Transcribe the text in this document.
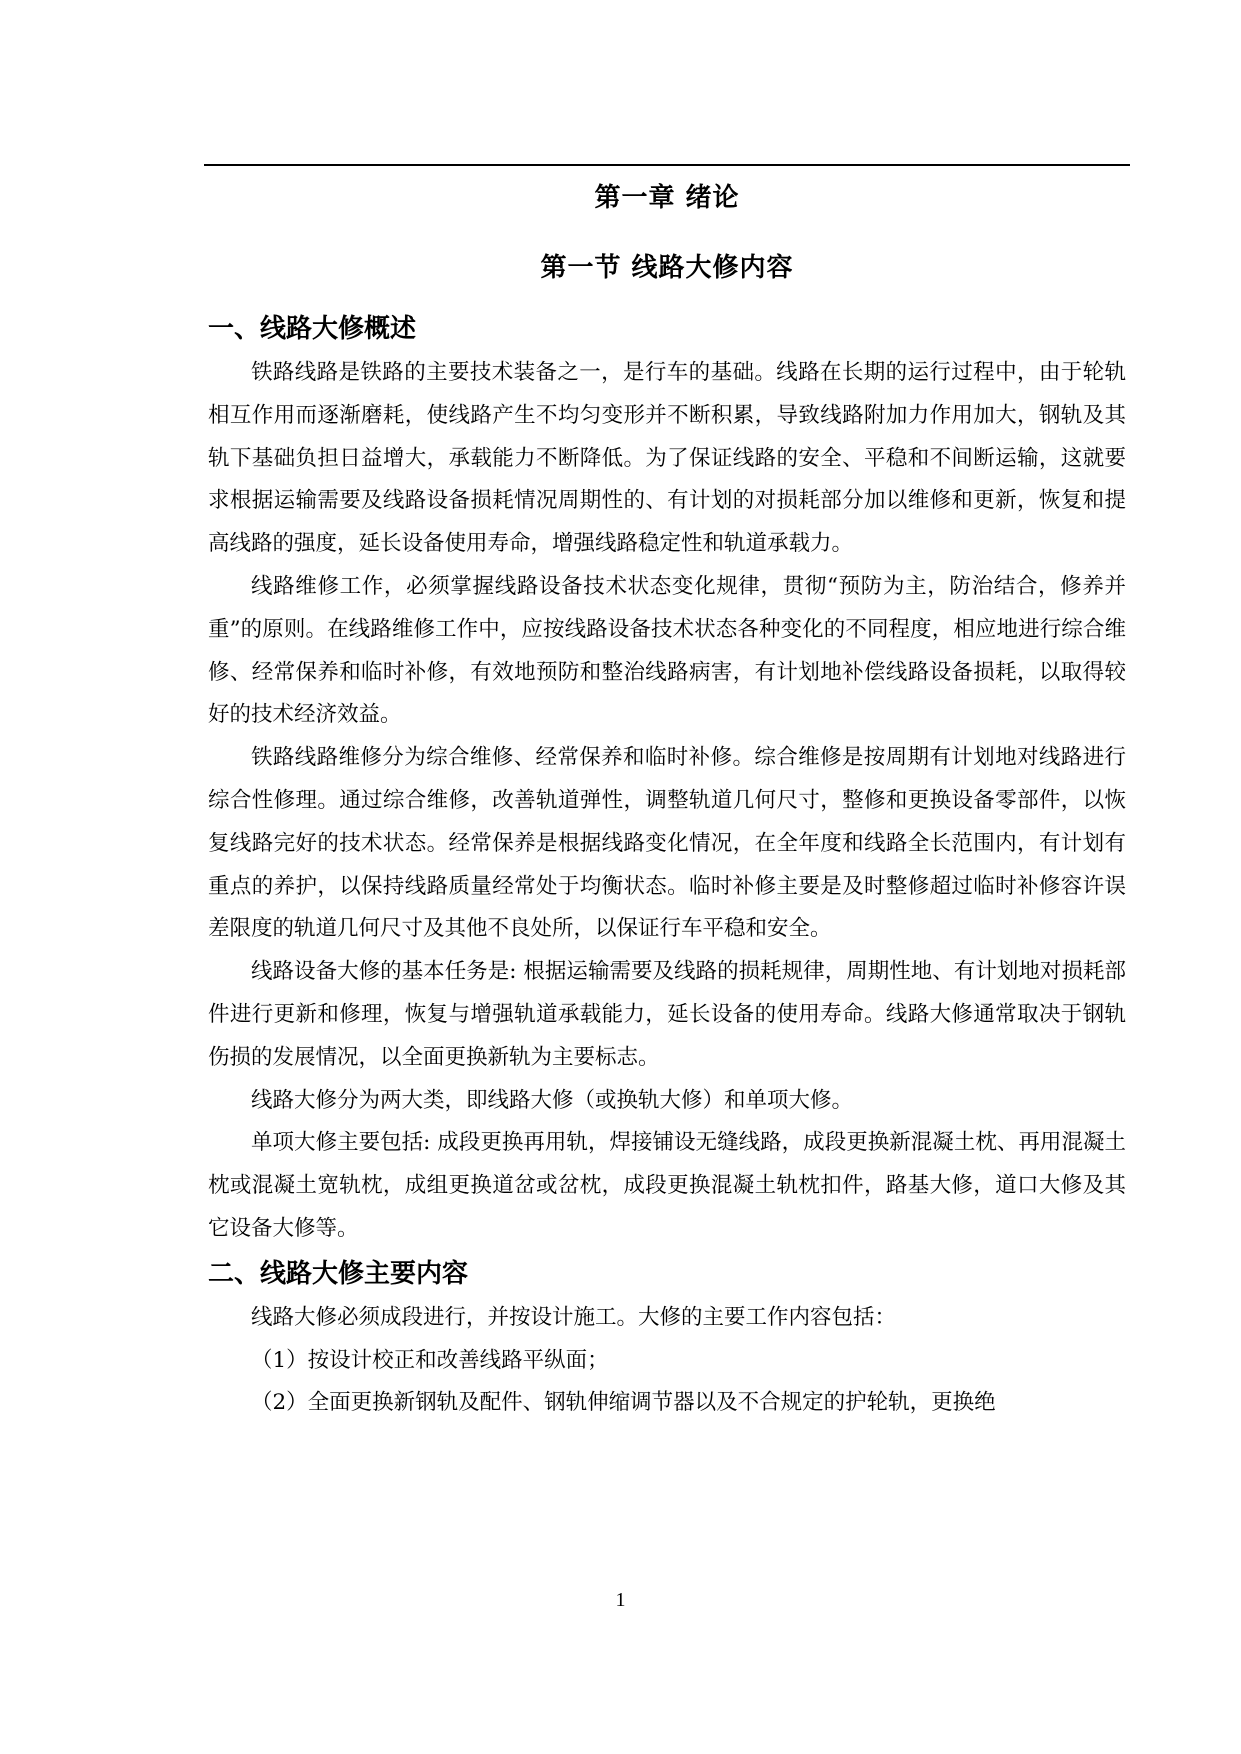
第一章 绪论
第一节 线路大修内容
一、线路大修概述

铁路线路是铁路的主要技术装备之一，是行车的基础。线路在长期的运行过程中，由于轮轨相互作用而逐渐磨耗，使线路产生不均匀变形并不断积累，导致线路附加力作用加大，钢轨及其轨下基础负担日益增大，承载能力不断降低。为了保证线路的安全、平稳和不间断运输，这就要求根据运输需要及线路设备损耗情况周期性的、有计划的对损耗部分加以维修和更新，恢复和提高线路的强度，延长设备使用寿命，增强线路稳定性和轨道承载力。

线路维修工作，必须掌握线路设备技术状态变化规律，贯彻“预防为主，防治结合，修养并重”的原则。在线路维修工作中，应按线路设备技术状态各种变化的不同程度，相应地进行综合维修、经常保养和临时补修，有效地预防和整治线路病害，有计划地补偿线路设备损耗，以取得较好的技术经济效益。

铁路线路维修分为综合维修、经常保养和临时补修。综合维修是按周期有计划地对线路进行综合性修理。通过综合维修，改善轨道弹性，调整轨道几何尺寸，整修和更换设备零部件，以恢复线路完好的技术状态。经常保养是根据线路变化情况，在全年度和线路全长范围内，有计划有重点的养护，以保持线路质量经常处于均衡状态。临时补修主要是及时整修超过临时补修容许误差限度的轨道几何尺寸及其他不良处所，以保证行车平稳和安全。

线路设备大修的基本任务是: 根据运输需要及线路的损耗规律，周期性地、有计划地对损耗部件进行更新和修理，恢复与增强轨道承载能力，延长设备的使用寿命。线路大修通常取决于钢轨伤损的发展情况，以全面更换新轨为主要标志。

线路大修分为两大类，即线路大修（或换轨大修）和单项大修。

单项大修主要包括: 成段更换再用轨，焊接铺设无缝线路，成段更换新混凝土枕、再用混凝土枕或混凝土宽轨枕，成组更换道岔或岔枕，成段更换混凝土轨枕扣件，路基大修，道口大修及其它设备大修等。

二、线路大修主要内容

线路大修必须成段进行，并按设计施工。大修的主要工作内容包括：

（1）按设计校正和改善线路平纵面；

（2）全面更换新钢轨及配件、钢轨伸缩调节器以及不合规定的护轮轨，更换绝

1
